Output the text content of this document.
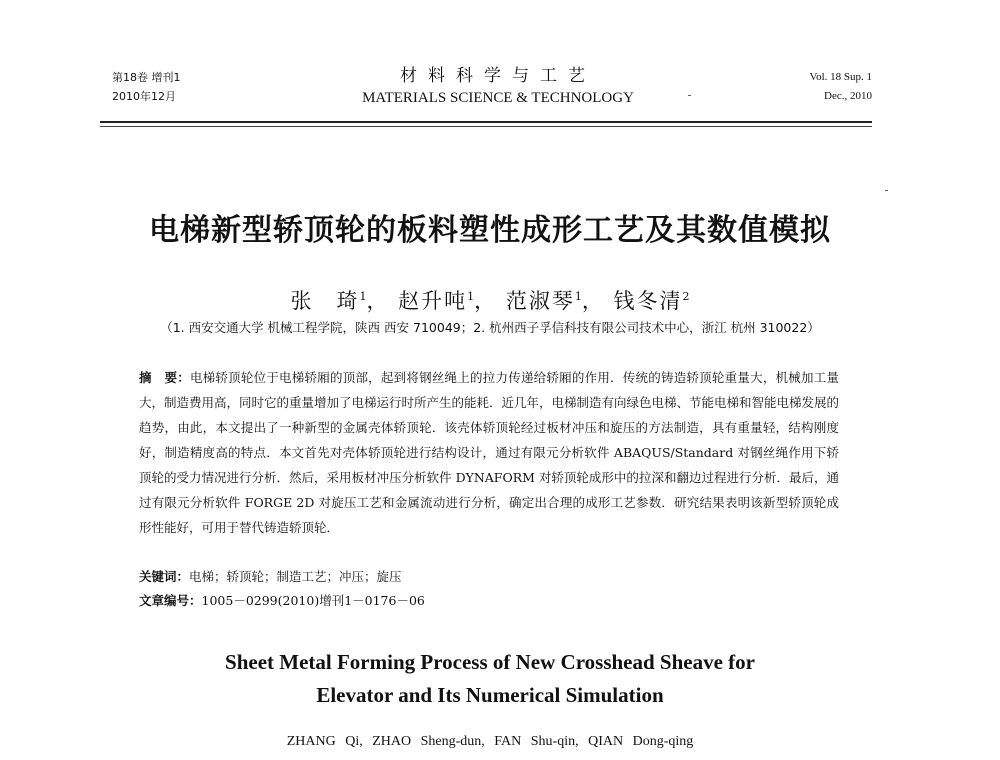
第18卷 增刊1
2010年12月
材料科学与工艺
MATERIALS SCIENCE & TECHNOLOGY
Vol. 18 Sup. 1
Dec., 2010
电梯新型轿顶轮的板料塑性成形工艺及其数值模拟
张　琦$^1$， 赵升吨$^1$， 范淑琴$^1$， 钱冬清$^2$
（1. 西安交通大学 机械工程学院，陕西 西安 710049；2. 杭州西子孚信科技有限公司技术中心，浙江 杭州 310022）
摘　要：电梯轿顶轮位于电梯轿厢的顶部，起到将钢丝绳上的拉力传递给轿厢的作用．传统的铸造轿顶轮重量大，机械加工量大，制造费用高，同时它的重量增加了电梯运行时所产生的能耗．近几年，电梯制造有向绿色电梯、节能电梯和智能电梯发展的趋势，由此，本文提出了一种新型的金属壳体轿顶轮．该壳体轿顶轮经过板材冲压和旋压的方法制造，具有重量轻，结构刚度好，制造精度高的特点．本文首先对壳体轿顶轮进行结构设计，通过有限元分析软件 ABAQUS/Standard 对钢丝绳作用下轿顶轮的受力情况进行分析．然后，采用板材冲压分析软件 DYNAFORM 对轿顶轮成形中的拉深和翻边过程进行分析．最后，通过有限元分析软件 FORGE 2D 对旋压工艺和金属流动进行分析，确定出合理的成形工艺参数．研究结果表明该新型轿顶轮成形性能好，可用于替代铸造轿顶轮．
关键词：电梯；轿顶轮；制造工艺；冲压；旋压
文章编号：1005－0299(2010)增刊1－0176－06
Sheet Metal Forming Process of New Crosshead Sheave for
Elevator and Its Numerical Simulation
ZHANG Qi, ZHAO Sheng-dun, FAN Shu-qin, QIAN Dong-qing
